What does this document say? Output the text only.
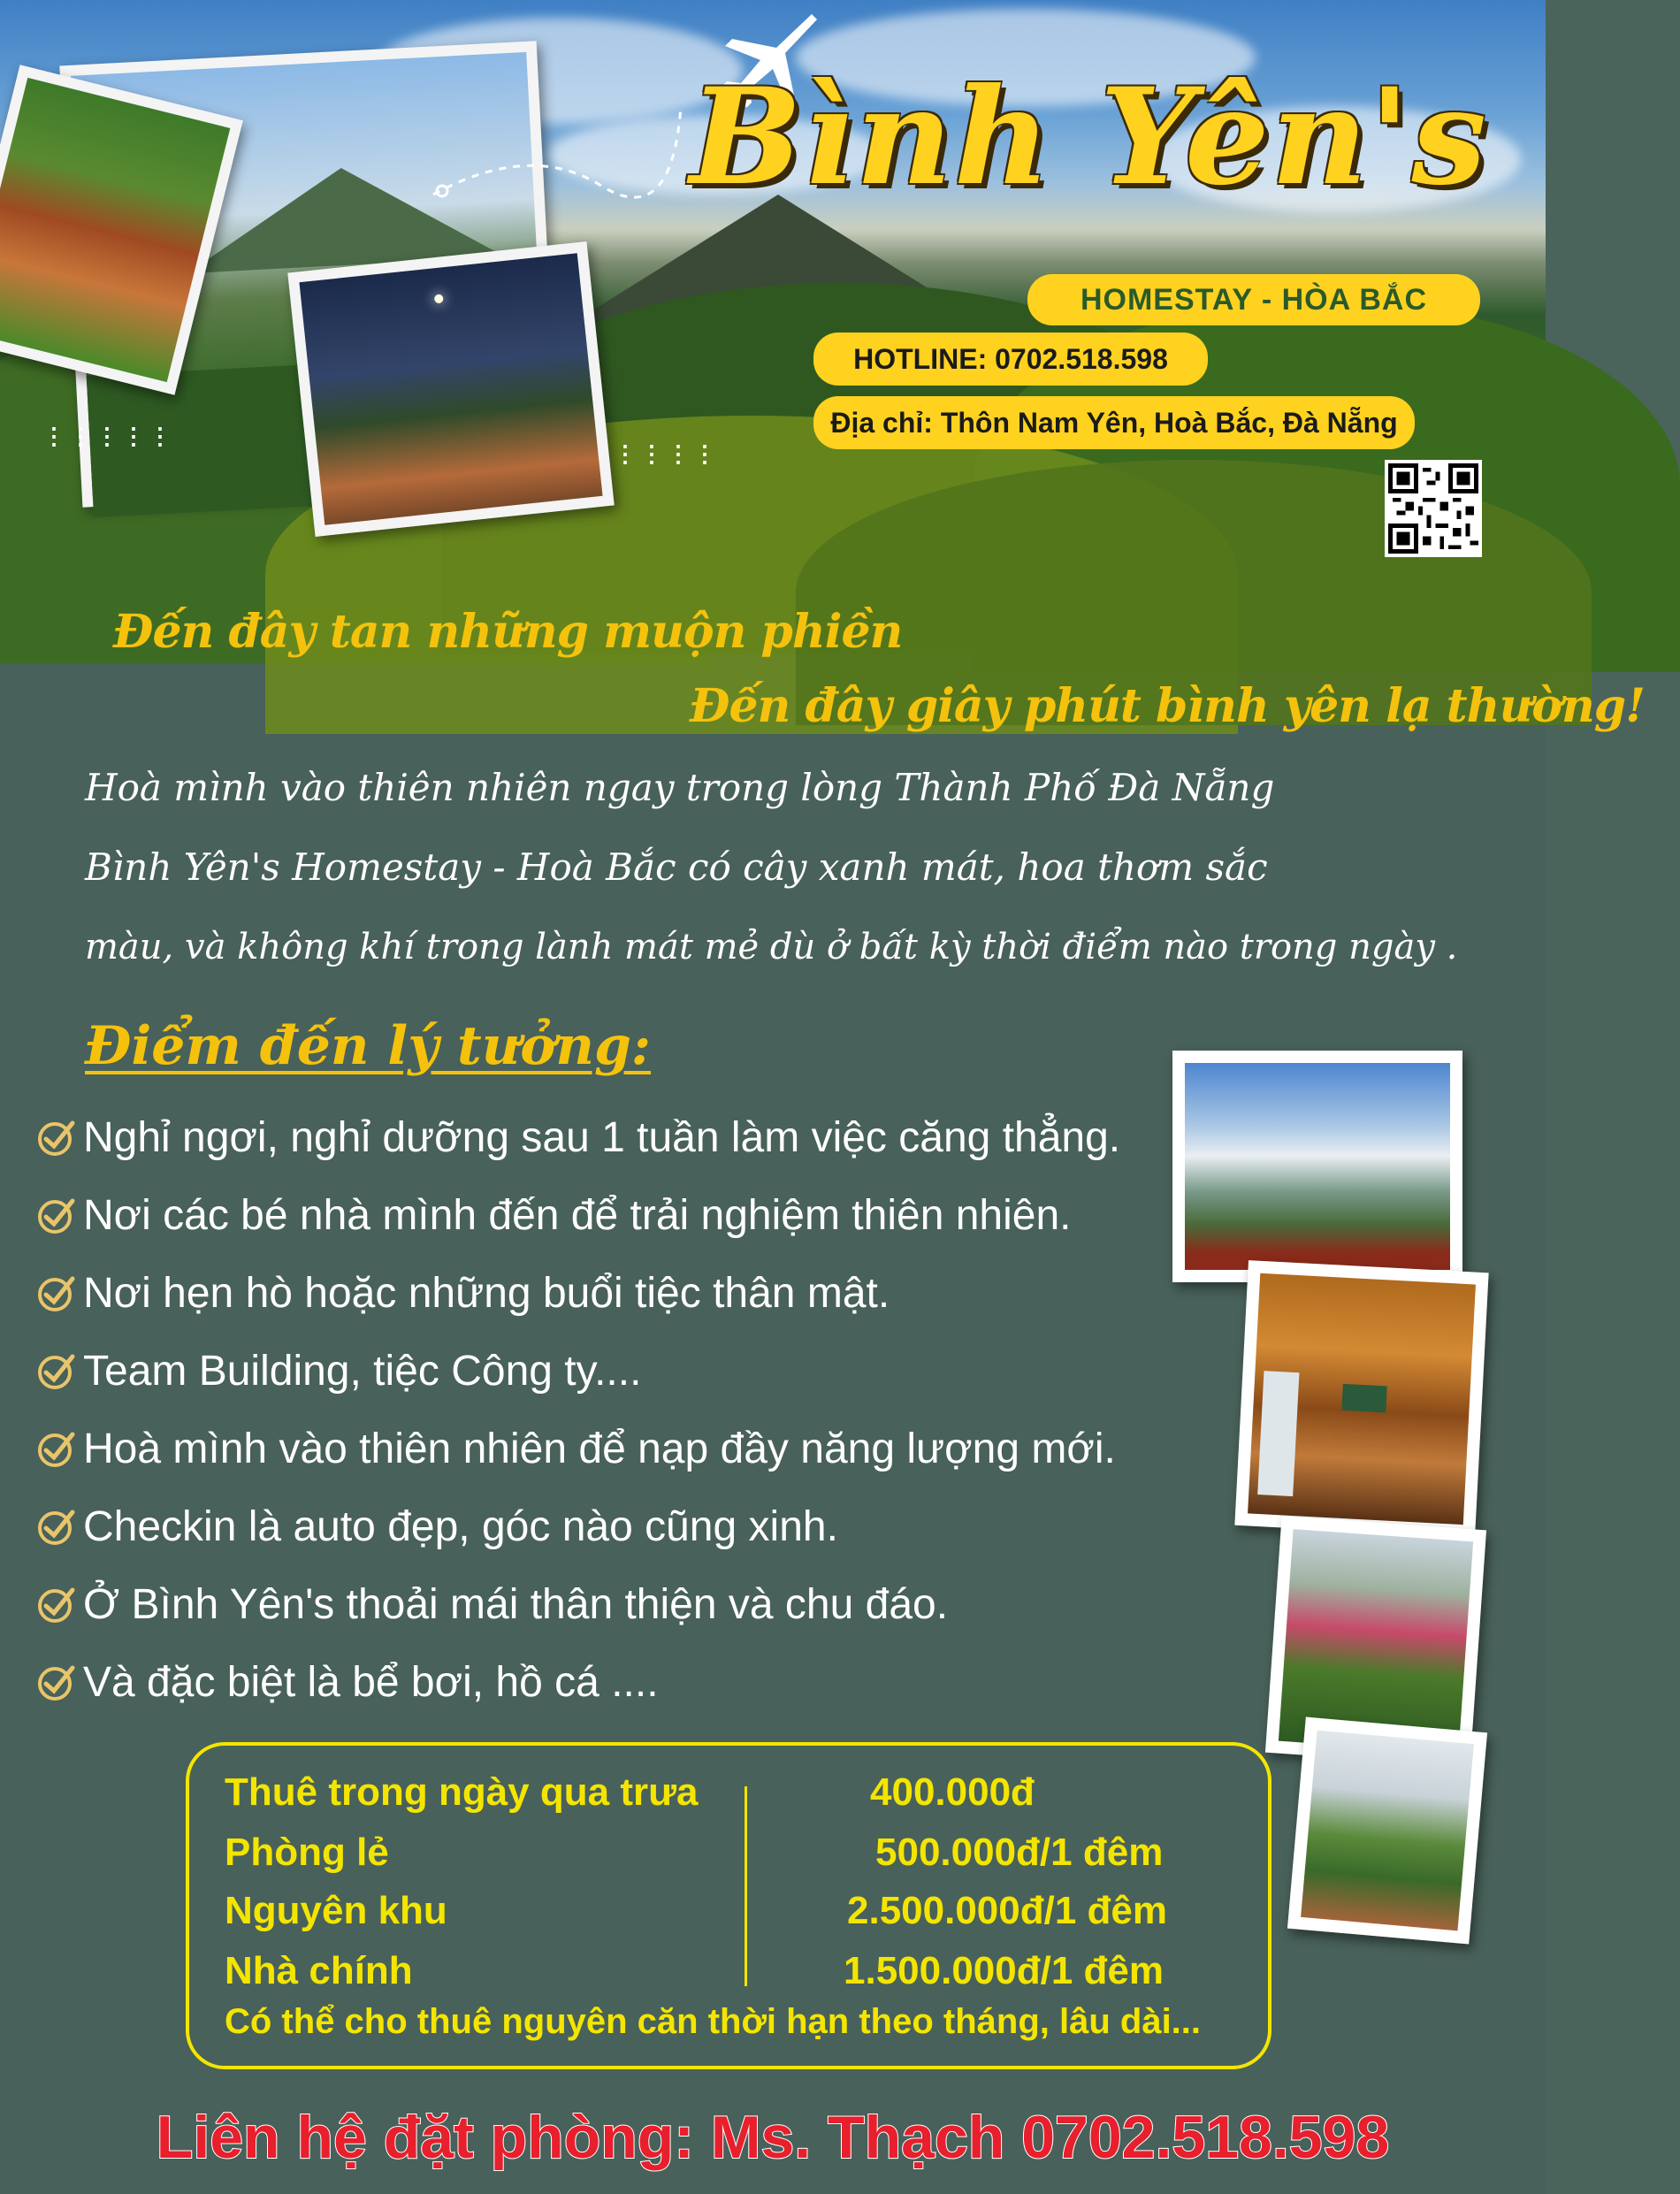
⋮⋮⋮⋮⋮
⋮⋮⋮⋮
Bình Yên's
HOMESTAY - HÒA BẮC
HOTLINE: 0702.518.598
Địa chỉ: Thôn Nam Yên, Hoà Bắc, Đà Nẵng
Đến đây tan những muộn phiền
Đến đây giây phút bình yên lạ thường!
Hoà mình vào thiên nhiên ngay trong lòng Thành Phố Đà Nẵng
Bình Yên's Homestay - Hoà Bắc có cây xanh mát, hoa thơm sắc
màu, và không khí trong lành mát mẻ dù ở bất kỳ thời điểm nào trong ngày .
Điểm đến lý tưởng:
Nghỉ ngơi, nghỉ dưỡng sau 1 tuần làm việc căng thẳng.
Nơi các bé nhà mình đến để trải nghiệm thiên nhiên.
Nơi hẹn hò hoặc những buổi tiệc thân mật.
Team Building, tiệc Công ty....
Hoà mình vào thiên nhiên để nạp đầy năng lượng mới.
Checkin là auto đẹp, góc nào cũng xinh.
Ở Bình Yên's thoải mái thân thiện và chu đáo.
Và đặc biệt là bể bơi, hồ cá ....
Thuê trong ngày qua trưa	400.000đ
Phòng lẻ	500.000đ/1 đêm
Nguyên khu	2.500.000đ/1 đêm
Nhà chính	1.500.000đ/1 đêm
Có thể cho thuê nguyên căn thời hạn theo tháng, lâu dài...
Liên hệ đặt phòng: Ms. Thạch 0702.518.598
